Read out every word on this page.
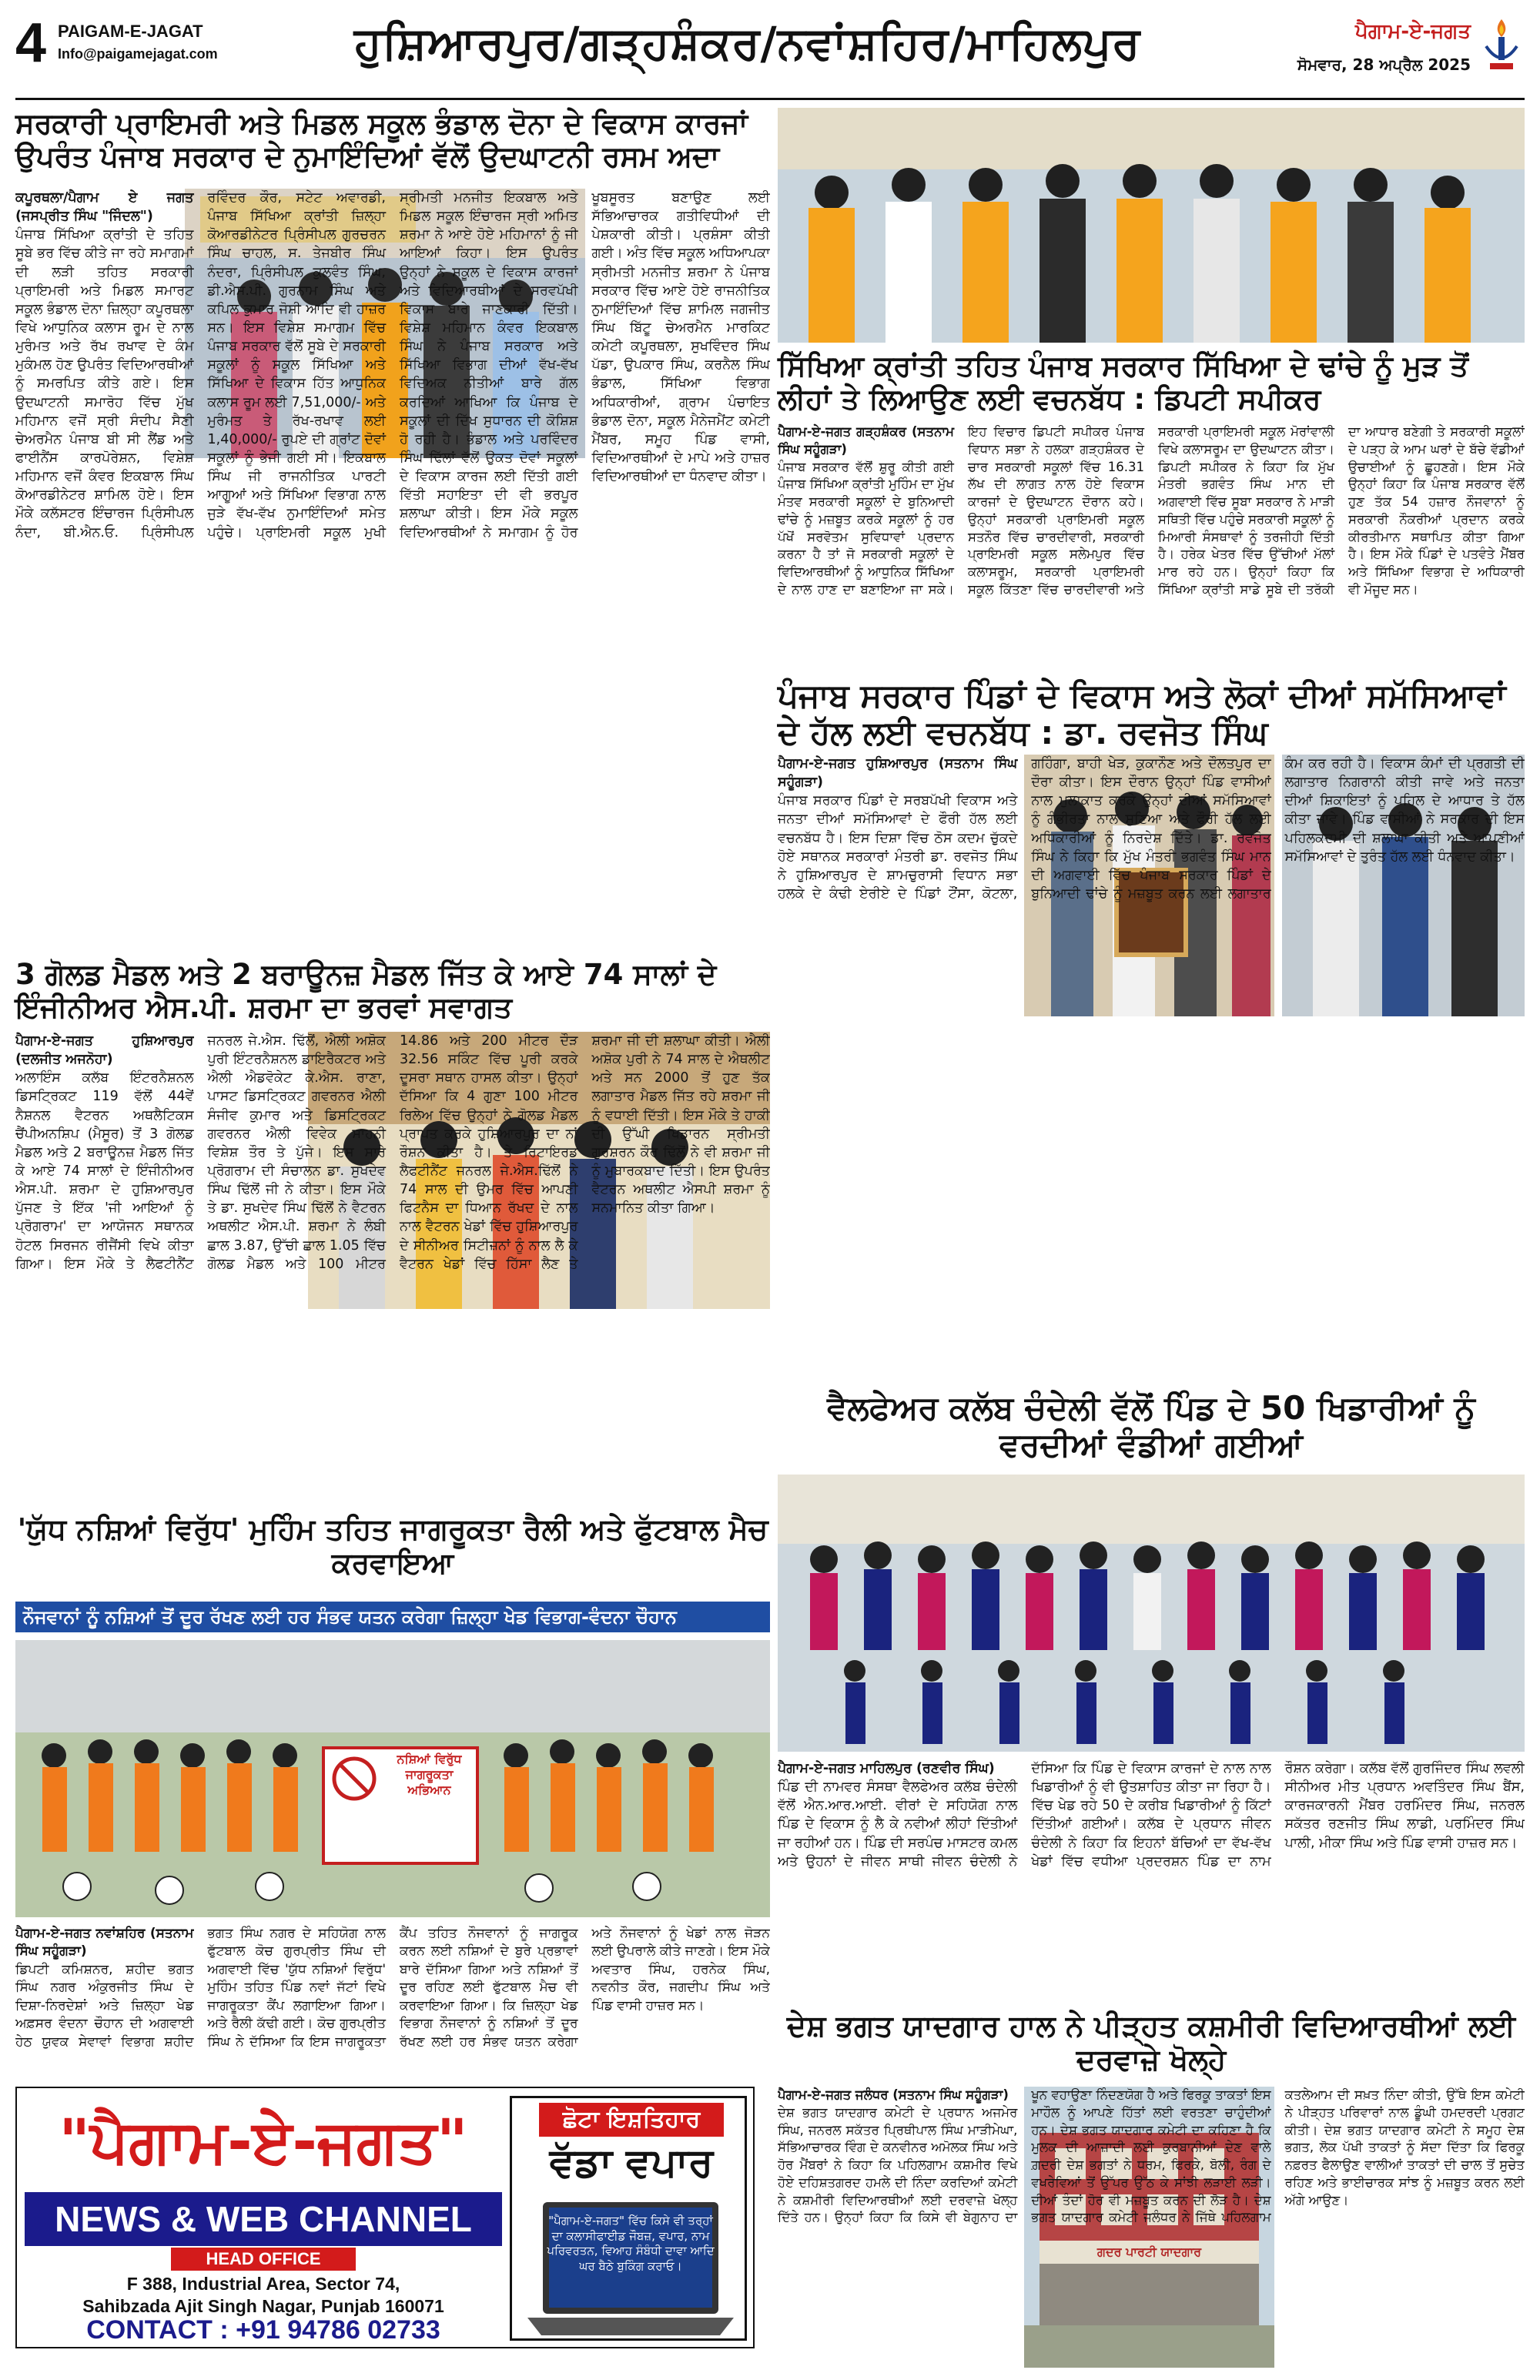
4 PAIGAM-E-JAGAT
Info@paigamejagat.com	ਹੁਸ਼ਿਆਰਪੁਰ/ਗੜ੍ਹਸ਼ੰਕਰ/ਨਵਾਂਸ਼ਹਿਰ/ਮਾਹਿਲਪੁਰ	ਪੈਗਾਮ-ਏ-ਜਗਤ
ਸੋਮਵਾਰ, 28 ਅਪ੍ਰੈਲ 2025
ਸਰਕਾਰੀ ਪ੍ਰਾਇਮਰੀ ਅਤੇ ਮਿਡਲ ਸਕੂਲ ਭੰਡਾਲ ਦੋਨਾ ਦੇ ਵਿਕਾਸ ਕਾਰਜਾਂ ਉਪਰੰਤ ਪੰਜਾਬ ਸਰਕਾਰ ਦੇ ਨੁਮਾਇੰਦਿਆਂ ਵੱਲੋਂ ਉਦਘਾਟਨੀ ਰਸਮ ਅਦਾ
ਕਪੂਰਥਲਾ/ਪੈਗਾਮ ਏ ਜਗਤ (ਜਸਪ੍ਰੀਤ ਸਿੰਘ "ਜਿੰਦਲ")
ਪੰਜਾਬ ਸਿੱਖਿਆ ਕ੍ਰਾਂਤੀ ਦੇ ਤਹਿਤ ਸੂਬੇ ਭਰ ਵਿੱਚ ਕੀਤੇ ਜਾ ਰਹੇ ਸਮਾਗਮਾਂ ਦੀ ਲੜੀ ਤਹਿਤ ਸਰਕਾਰੀ ਪ੍ਰਾਇਮਰੀ ਅਤੇ ਮਿਡਲ ਸਮਾਰਟ ਸਕੂਲ ਭੰਡਾਲ ਦੋਨਾ ਜ਼ਿਲ੍ਹਾ ਕਪੂਰਥਲਾ ਵਿਖੇ ਆਧੁਨਿਕ ਕਲਾਸ ਰੂਮ ਦੇ ਨਾਲ ਮੁਰੰਮਤ ਅਤੇ ਰੱਖ ਰਖਾਵ ਦੇ ਕੰਮ ਮੁਕੰਮਲ ਹੋਣ ਉਪਰੰਤ ਵਿਦਿਆਰਥੀਆਂ ਨੂੰ ਸਮਰਪਿਤ ਕੀਤੇ ਗਏ। ਇਸ ਉਦਘਾਟਨੀ ਸਮਾਰੋਹ ਵਿੱਚ ਮੁੱਖ ਮਹਿਮਾਨ ਵਜੋਂ ਸ੍ਰੀ ਸੰਦੀਪ ਸੈਣੀ ਚੇਅਰਮੈਨ ਪੰਜਾਬ ਬੀ ਸੀ ਲੈਂਡ ਅਤੇ ਫਾਈਨੈਂਸ ਕਾਰਪੋਰੇਸ਼ਨ, ਵਿਸ਼ੇਸ਼ ਮਹਿਮਾਨ ਵਜੋਂ ਕੰਵਰ ਇਕਬਾਲ ਸਿੰਘ ਕੋਆਰਡੀਨੇਟਰ ਸ਼ਾਮਿਲ ਹੋਏ। ਇਸ ਮੌਕੇ ਕਲੱਸਟਰ ਇੰਚਾਰਜ ਪ੍ਰਿੰਸੀਪਲ ਨੰਦਾ, ਬੀ.ਐਨ.ਓ. ਪ੍ਰਿੰਸੀਪਲ ਰਵਿੰਦਰ ਕੌਰ, ਸਟੇਟ ਅਵਾਰਡੀ, ਪੰਜਾਬ ਸਿੱਖਿਆ ਕ੍ਰਾਂਤੀ ਜ਼ਿਲ੍ਹਾ ਕੋਆਰਡੀਨੇਟਰ ਪ੍ਰਿੰਸੀਪਲ ਗੁਰਚਰਨ ਸਿੰਘ ਚਾਹਲ, ਸ. ਤੇਜਬੀਰ ਸਿੰਘ ਨੰਦਰਾ, ਪ੍ਰਿੰਸੀਪਲ ਕੁਲਵੰਤ ਸਿੰਘ, ਡੀ.ਐਸ.ਪੀ. ਗੁਰਨਾਮ ਸਿੰਘ ਅਤੇ ਕਪਿਲ ਕੁਮਾਰ ਜੋਸ਼ੀ ਆਦਿ ਵੀ ਹਾਜ਼ਰ ਸਨ। ਇਸ ਵਿਸ਼ੇਸ਼ ਸਮਾਗਮ ਵਿੱਚ ਪੰਜਾਬ ਸਰਕਾਰ ਵੱਲੋਂ ਸੂਬੇ ਦੇ ਸਰਕਾਰੀ ਸਕੂਲਾਂ ਨੂੰ ਸਕੂਲ ਸਿੱਖਿਆ ਅਤੇ ਸਿੱਖਿਆ ਦੇ ਵਿਕਾਸ ਹਿੱਤ ਆਧੁਨਿਕ ਕਲਾਸ ਰੂਮ ਲਈ 7,51,000/- ਅਤੇ ਮੁਰੰਮਤ ਤੇ ਰੱਖ-ਰਖਾਵ ਲਈ 1,40,000/- ਰੁਪਏ ਦੀ ਗ੍ਰਾਂਟ ਦੋਵਾਂ ਸਕੂਲਾਂ ਨੂੰ ਭੇਜੀ ਗਈ ਸੀ। ਇਕਬਾਲ ਸਿੰਘ ਜੀ ਰਾਜਨੀਤਿਕ ਪਾਰਟੀ ਆਗੂਆਂ ਅਤੇ ਸਿੱਖਿਆ ਵਿਭਾਗ ਨਾਲ ਜੁੜੇ ਵੱਖ-ਵੱਖ ਨੁਮਾਇੰਦਿਆਂ ਸਮੇਤ ਪਹੁੰਚੇ। ਪ੍ਰਾਇਮਰੀ ਸਕੂਲ ਮੁਖੀ ਸ੍ਰੀਮਤੀ ਮਨਜੀਤ ਇਕਬਾਲ ਅਤੇ ਮਿਡਲ ਸਕੂਲ ਇੰਚਾਰਜ ਸ੍ਰੀ ਅਮਿਤ ਸ਼ਰਮਾ ਨੇ ਆਏ ਹੋਏ ਮਹਿਮਾਨਾਂ ਨੂੰ ਜੀ ਆਇਆਂ ਕਿਹਾ। ਇਸ ਉਪਰੰਤ ਉਨ੍ਹਾਂ ਨੇ ਸਕੂਲ ਦੇ ਵਿਕਾਸ ਕਾਰਜਾਂ ਅਤੇ ਵਿਦਿਆਰਥੀਆਂ ਦੇ ਸਰਵਪੱਖੀ ਵਿਕਾਸ ਬਾਰੇ ਜਾਣਕਾਰੀ ਦਿੱਤੀ। ਵਿਸ਼ੇਸ਼ ਮਹਿਮਾਨ ਕੰਵਰ ਇਕਬਾਲ ਸਿੰਘ ਨੇ ਪੰਜਾਬ ਸਰਕਾਰ ਅਤੇ ਸਿੱਖਿਆ ਵਿਭਾਗ ਦੀਆਂ ਵੱਖ-ਵੱਖ ਵਿਦਿਅਕ ਨੀਤੀਆਂ ਬਾਰੇ ਗੱਲ ਕਰਦਿਆਂ ਆਖਿਆ ਕਿ ਪੰਜਾਬ ਦੇ ਸਕੂਲਾਂ ਦੀ ਦਿੱਖ ਸੁਧਾਰਨ ਦੀ ਕੋਸ਼ਿਸ਼ ਹੋ ਰਹੀ ਹੈ। ਭੰਡਾਲ ਅਤੇ ਪਰਵਿੰਦਰ ਸਿੰਘ ਢਿੱਲਾਂ ਵੱਲੋਂ ਉਕਤ ਦੋਵਾਂ ਸਕੂਲਾਂ ਦੇ ਵਿਕਾਸ ਕਾਰਜ ਲਈ ਦਿੱਤੀ ਗਈ ਵਿੱਤੀ ਸਹਾਇਤਾ ਦੀ ਵੀ ਭਰਪੂਰ ਸ਼ਲਾਘਾ ਕੀਤੀ। ਇਸ ਮੌਕੇ ਸਕੂਲ ਵਿਦਿਆਰਥੀਆਂ ਨੇ ਸਮਾਗਮ ਨੂੰ ਹੋਰ ਖੂਬਸੂਰਤ ਬਣਾਉਣ ਲਈ ਸੱਭਿਆਚਾਰਕ ਗਤੀਵਿਧੀਆਂ ਦੀ ਪੇਸ਼ਕਾਰੀ ਕੀਤੀ। ਪ੍ਰਸ਼ੰਸਾ ਕੀਤੀ ਗਈ। ਅੰਤ ਵਿੱਚ ਸਕੂਲ ਅਧਿਆਪਕਾ ਸ੍ਰੀਮਤੀ ਮਨਜੀਤ ਸ਼ਰਮਾ ਨੇ ਪੰਜਾਬ ਸਰਕਾਰ ਵਿੱਚ ਆਏ ਹੋਏ ਰਾਜਨੀਤਿਕ ਨੁਮਾਇੰਦਿਆਂ ਵਿੱਚ ਸ਼ਾਮਿਲ ਜਗਜੀਤ ਸਿੰਘ ਬਿੱਟੂ ਚੇਅਰਮੈਨ ਮਾਰਕਿਟ ਕਮੇਟੀ ਕਪੂਰਥਲਾ, ਸੁਖਵਿੰਦਰ ਸਿੰਘ ਪੱਡਾ, ਉਪਕਾਰ ਸਿੰਘ, ਕਰਨੈਲ ਸਿੰਘ ਭੰਡਾਲ, ਸਿੱਖਿਆ ਵਿਭਾਗ ਅਧਿਕਾਰੀਆਂ, ਗ੍ਰਾਮ ਪੰਚਾਇਤ ਭੰਡਾਲ ਦੋਨਾ, ਸਕੂਲ ਮੈਨੇਜਮੈਂਟ ਕਮੇਟੀ ਮੈਂਬਰ, ਸਮੂਹ ਪਿੰਡ ਵਾਸੀ, ਵਿਦਿਆਰਥੀਆਂ ਦੇ ਮਾਪੇ ਅਤੇ ਹਾਜ਼ਰ ਵਿਦਿਆਰਥੀਆਂ ਦਾ ਧੰਨਵਾਦ ਕੀਤਾ।
ਸਿੱਖਿਆ ਕ੍ਰਾਂਤੀ ਤਹਿਤ ਪੰਜਾਬ ਸਰਕਾਰ ਸਿੱਖਿਆ ਦੇ ਢਾਂਚੇ ਨੂੰ ਮੁੜ ਤੋਂ ਲੀਹਾਂ ਤੇ ਲਿਆਉਣ ਲਈ ਵਚਨਬੱਧ : ਡਿਪਟੀ ਸਪੀਕਰ
ਪੈਗਾਮ-ਏ-ਜਗਤ ਗੜ੍ਹਸ਼ੰਕਰ (ਸਤਨਾਮ ਸਿੰਘ ਸਹੂੰਗੜਾ)
ਪੰਜਾਬ ਸਰਕਾਰ ਵੱਲੋਂ ਸ਼ੁਰੂ ਕੀਤੀ ਗਈ ਪੰਜਾਬ ਸਿੱਖਿਆ ਕ੍ਰਾਂਤੀ ਮੁਹਿੰਮ ਦਾ ਮੁੱਖ ਮੰਤਵ ਸਰਕਾਰੀ ਸਕੂਲਾਂ ਦੇ ਬੁਨਿਆਦੀ ਢਾਂਚੇ ਨੂੰ ਮਜ਼ਬੂਤ ਕਰਕੇ ਸਕੂਲਾਂ ਨੂੰ ਹਰ ਪੱਖੋਂ ਸਰਵੋਤਮ ਸੁਵਿਧਾਵਾਂ ਪ੍ਰਦਾਨ ਕਰਨਾ ਹੈ ਤਾਂ ਜੋ ਸਰਕਾਰੀ ਸਕੂਲਾਂ ਦੇ ਵਿਦਿਆਰਥੀਆਂ ਨੂੰ ਆਧੁਨਿਕ ਸਿੱਖਿਆ ਦੇ ਨਾਲ ਹਾਣ ਦਾ ਬਣਾਇਆ ਜਾ ਸਕੇ। ਇਹ ਵਿਚਾਰ ਡਿਪਟੀ ਸਪੀਕਰ ਪੰਜਾਬ ਵਿਧਾਨ ਸਭਾ ਨੇ ਹਲਕਾ ਗੜ੍ਹਸ਼ੰਕਰ ਦੇ ਚਾਰ ਸਰਕਾਰੀ ਸਕੂਲਾਂ ਵਿੱਚ 16.31 ਲੱਖ ਦੀ ਲਾਗਤ ਨਾਲ ਹੋਏ ਵਿਕਾਸ ਕਾਰਜਾਂ ਦੇ ਉਦਘਾਟਨ ਦੌਰਾਨ ਕਹੇ। ਉਨ੍ਹਾਂ ਸਰਕਾਰੀ ਪ੍ਰਾਇਮਰੀ ਸਕੂਲ ਸਤਨੌਰ ਵਿੱਚ ਚਾਰਦੀਵਾਰੀ, ਸਰਕਾਰੀ ਪ੍ਰਾਇਮਰੀ ਸਕੂਲ ਸਲੇਮਪੁਰ ਵਿੱਚ ਕਲਾਸਰੂਮ, ਸਰਕਾਰੀ ਪ੍ਰਾਇਮਰੀ ਸਕੂਲ ਕਿੱਤਣਾ ਵਿੱਚ ਚਾਰਦੀਵਾਰੀ ਅਤੇ ਸਰਕਾਰੀ ਪ੍ਰਾਇਮਰੀ ਸਕੂਲ ਮੋਰਾਂਵਾਲੀ ਵਿਖੇ ਕਲਾਸਰੂਮ ਦਾ ਉਦਘਾਟਨ ਕੀਤਾ। ਡਿਪਟੀ ਸਪੀਕਰ ਨੇ ਕਿਹਾ ਕਿ ਮੁੱਖ ਮੰਤਰੀ ਭਗਵੰਤ ਸਿੰਘ ਮਾਨ ਦੀ ਅਗਵਾਈ ਵਿੱਚ ਸੂਬਾ ਸਰਕਾਰ ਨੇ ਮਾੜੀ ਸਥਿਤੀ ਵਿੱਚ ਪਹੁੰਚੇ ਸਰਕਾਰੀ ਸਕੂਲਾਂ ਨੂੰ ਮਿਆਰੀ ਸੰਸਥਾਵਾਂ ਨੂੰ ਤਰਜੀਹੀ ਦਿੱਤੀ ਹੈ। ਹਰੇਕ ਖੇਤਰ ਵਿੱਚ ਉੱਚੀਆਂ ਮੱਲਾਂ ਮਾਰ ਰਹੇ ਹਨ। ਉਨ੍ਹਾਂ ਕਿਹਾ ਕਿ ਸਿੱਖਿਆ ਕ੍ਰਾਂਤੀ ਸਾਡੇ ਸੂਬੇ ਦੀ ਤਰੱਕੀ ਦਾ ਆਧਾਰ ਬਣੇਗੀ ਤੇ ਸਰਕਾਰੀ ਸਕੂਲਾਂ ਦੇ ਪੜ੍ਹ ਕੇ ਆਮ ਘਰਾਂ ਦੇ ਬੱਚੇ ਵੱਡੀਆਂ ਉਚਾਈਆਂ ਨੂੰ ਛੂਹਣਗੇ। ਇਸ ਮੌਕੇ ਉਨ੍ਹਾਂ ਕਿਹਾ ਕਿ ਪੰਜਾਬ ਸਰਕਾਰ ਵੱਲੋਂ ਹੁਣ ਤੱਕ 54 ਹਜ਼ਾਰ ਨੌਜਵਾਨਾਂ ਨੂੰ ਸਰਕਾਰੀ ਨੌਕਰੀਆਂ ਪ੍ਰਦਾਨ ਕਰਕੇ ਕੀਰਤੀਮਾਨ ਸਥਾਪਿਤ ਕੀਤਾ ਗਿਆ ਹੈ। ਇਸ ਮੌਕੇ ਪਿੰਡਾਂ ਦੇ ਪਤਵੰਤੇ ਮੈਂਬਰ ਅਤੇ ਸਿੱਖਿਆ ਵਿਭਾਗ ਦੇ ਅਧਿਕਾਰੀ ਵੀ ਮੌਜੂਦ ਸਨ।
ਪੰਜਾਬ ਸਰਕਾਰ ਪਿੰਡਾਂ ਦੇ ਵਿਕਾਸ ਅਤੇ ਲੋਕਾਂ ਦੀਆਂ ਸਮੱਸਿਆਵਾਂ ਦੇ ਹੱਲ ਲਈ ਵਚਨਬੱਧ : ਡਾ. ਰਵਜੋਤ ਸਿੰਘ
ਪੈਗਾਮ-ਏ-ਜਗਤ ਹੁਸ਼ਿਆਰਪੁਰ (ਸਤਨਾਮ ਸਿੰਘ ਸਹੂੰਗੜਾ)
ਪੰਜਾਬ ਸਰਕਾਰ ਪਿੰਡਾਂ ਦੇ ਸਰਬਪੱਖੀ ਵਿਕਾਸ ਅਤੇ ਜਨਤਾ ਦੀਆਂ ਸਮੱਸਿਆਵਾਂ ਦੇ ਫੌਰੀ ਹੱਲ ਲਈ ਵਚਨਬੱਧ ਹੈ। ਇਸ ਦਿਸ਼ਾ ਵਿੱਚ ਠੋਸ ਕਦਮ ਚੁੱਕਦੇ ਹੋਏ ਸਥਾਨਕ ਸਰਕਾਰਾਂ ਮੰਤਰੀ ਡਾ. ਰਵਜੋਤ ਸਿੰਘ ਨੇ ਹੁਸ਼ਿਆਰਪੁਰ ਦੇ ਸ਼ਾਮਚੁਰਾਸੀ ਵਿਧਾਨ ਸਭਾ ਹਲਕੇ ਦੇ ਕੰਢੀ ਏਰੀਏ ਦੇ ਪਿੰਡਾਂ ਟੌਂਸਾ, ਕੋਟਲਾ, ਗਹਿੰਗਾ, ਬਾਹੀ ਖੇੜ, ਕੁਕਾਨੌਣ ਅਤੇ ਦੌਲਤਪੁਰ ਦਾ ਦੌਰਾ ਕੀਤਾ। ਇਸ ਦੌਰਾਨ ਉਨ੍ਹਾਂ ਪਿੰਡ ਵਾਸੀਆਂ ਨਾਲ ਮੁਲਾਕਾਤ ਕਰਕੇ ਉਨ੍ਹਾਂ ਦੀਆਂ ਸਮੱਸਿਆਵਾਂ ਨੂੰ ਗੰਭੀਰਤਾ ਨਾਲ ਸੁਣਿਆ ਅਤੇ ਫੌਰੀ ਹੱਲ ਲਈ ਅਧਿਕਾਰੀਆਂ ਨੂੰ ਨਿਰਦੇਸ਼ ਦਿੱਤੇ। ਡਾ. ਰਵਜੋਤ ਸਿੰਘ ਨੇ ਕਿਹਾ ਕਿ ਮੁੱਖ ਮੰਤਰੀ ਭਗਵੰਤ ਸਿੰਘ ਮਾਨ ਦੀ ਅਗਵਾਈ ਵਿੱਚ ਪੰਜਾਬ ਸਰਕਾਰ ਪਿੰਡਾਂ ਦੇ ਬੁਨਿਆਦੀ ਢਾਂਚੇ ਨੂੰ ਮਜ਼ਬੂਤ ਕਰਨ ਲਈ ਲਗਾਤਾਰ ਕੰਮ ਕਰ ਰਹੀ ਹੈ। ਵਿਕਾਸ ਕੰਮਾਂ ਦੀ ਪ੍ਰਗਤੀ ਦੀ ਲਗਾਤਾਰ ਨਿਗਰਾਨੀ ਕੀਤੀ ਜਾਵੇ ਅਤੇ ਜਨਤਾ ਦੀਆਂ ਸ਼ਿਕਾਇਤਾਂ ਨੂੰ ਪਹਿਲ ਦੇ ਆਧਾਰ ਤੇ ਹੱਲ ਕੀਤਾ ਜਾਵੇ। ਪਿੰਡ ਵਾਸੀਆਂ ਨੇ ਸਰਕਾਰ ਦੀ ਇਸ ਪਹਿਲਕਦਮੀ ਦੀ ਸ਼ਲਾਘਾ ਕੀਤੀ ਅਤੇ ਆਪਣੀਆਂ ਸਮੱਸਿਆਵਾਂ ਦੇ ਤੁਰੰਤ ਹੱਲ ਲਈ ਧੰਨਵਾਦ ਕੀਤਾ।
3 ਗੋਲਡ ਮੈਡਲ ਅਤੇ 2 ਬਰਾਊਨਜ਼ ਮੈਡਲ ਜਿੱਤ ਕੇ ਆਏ 74 ਸਾਲਾਂ ਦੇ ਇੰਜੀਨੀਅਰ ਐਸ.ਪੀ. ਸ਼ਰਮਾ ਦਾ ਭਰਵਾਂ ਸਵਾਗਤ
ਪੈਗਾਮ-ਏ-ਜਗਤ ਹੁਸ਼ਿਆਰਪੁਰ (ਦਲਜੀਤ ਅਜਨੋਹਾ)
ਅਲਾਇੰਸ ਕਲੱਬ ਇੰਟਰਨੈਸ਼ਨਲ ਡਿਸਟ੍ਰਿਕਟ 119 ਵੱਲੋਂ 44ਵੇਂ ਨੈਸ਼ਨਲ ਵੈਟਰਨ ਅਥਲੈਟਿਕਸ ਚੈਂਪੀਅਨਸ਼ਿਪ (ਮੈਸੂਰ) ਤੋਂ 3 ਗੋਲਡ ਮੈਡਲ ਅਤੇ 2 ਬਰਾਊਨਜ਼ ਮੈਡਲ ਜਿੱਤ ਕੇ ਆਏ 74 ਸਾਲਾਂ ਦੇ ਇੰਜੀਨੀਅਰ ਐਸ.ਪੀ. ਸ਼ਰਮਾ ਦੇ ਹੁਸ਼ਿਆਰਪੁਰ ਪੁੱਜਣ ਤੇ ਇੱਕ 'ਜੀ ਆਇਆਂ ਨੂੰ ਪ੍ਰੋਗਰਾਮ' ਦਾ ਆਯੋਜਨ ਸਥਾਨਕ ਹੋਟਲ ਸਿਰਜਨ ਰੀਜੈਂਸੀ ਵਿਖੇ ਕੀਤਾ ਗਿਆ। ਇਸ ਮੌਕੇ ਤੇ ਲੈਫਟੀਨੈਂਟ ਜਨਰਲ ਜੇ.ਐਸ. ਢਿੱਲੋਂ, ਐਲੀ ਅਸ਼ੋਕ ਪੁਰੀ ਇੰਟਰਨੈਸ਼ਨਲ ਡਾਇਰੈਕਟਰ ਅਤੇ ਐਲੀ ਐਡਵੋਕੇਟ ਕੇ.ਐਸ. ਰਾਣਾ, ਪਾਸਟ ਡਿਸਟ੍ਰਿਕਟ ਗਵਰਨਰ ਐਲੀ ਸੰਜੀਵ ਕੁਮਾਰ ਅਤੇ ਡਿਸਟ੍ਰਿਕਟ ਗਵਰਨਰ ਐਲੀ ਵਿਵੇਕ ਸਾਹਨੀ ਵਿਸ਼ੇਸ਼ ਤੌਰ ਤੇ ਪੁੱਜੇ। ਇਸ ਸਾਰੇ ਪ੍ਰੋਗਰਾਮ ਦੀ ਸੰਚਾਲਨ ਡਾ. ਸੁਖਦੇਵ ਸਿੰਘ ਢਿੱਲੋਂ ਜੀ ਨੇ ਕੀਤਾ। ਇਸ ਮੌਕੇ ਤੇ ਡਾ. ਸੁਖਦੇਵ ਸਿੰਘ ਢਿੱਲੋਂ ਨੇ ਵੈਟਰਨ ਅਥਲੀਟ ਐਸ.ਪੀ. ਸ਼ਰਮਾ ਨੇ ਲੰਬੀ ਛਾਲ 3.87, ਉੱਚੀ ਛਾਲ 1.05 ਵਿੱਚ ਗੋਲਡ ਮੈਡਲ ਅਤੇ 100 ਮੀਟਰ 14.86 ਅਤੇ 200 ਮੀਟਰ ਦੌੜ 32.56 ਸਕਿੰਟ ਵਿੱਚ ਪੂਰੀ ਕਰਕੇ ਦੂਸਰਾ ਸਥਾਨ ਹਾਸਲ ਕੀਤਾ। ਉਨ੍ਹਾਂ ਦੱਸਿਆ ਕਿ 4 ਗੁਣਾ 100 ਮੀਟਰ ਰਿਲੇਅ ਵਿੱਚ ਉਨ੍ਹਾਂ ਨੇ ਗੋਲਡ ਮੈਡਲ ਪ੍ਰਾਪਤ ਕਰਕੇ ਹੁਸ਼ਿਆਰਪੁਰ ਦਾ ਨਾਂ ਰੌਸ਼ਨ ਕੀਤਾ ਹੈ। ਤੇ ਰਿਟਾਇਰਡ ਲੈਫਟੀਨੈਂਟ ਜਨਰਲ ਜੇ.ਐਸ.ਢਿੱਲੋਂ ਨੇ 74 ਸਾਲ ਦੀ ਉਮਰ ਵਿੱਚ ਆਪਣੀ ਫਿਟਨੈਸ ਦਾ ਧਿਆਨ ਰੱਖਦ ਦੇ ਨਾਲ ਨਾਲ ਵੈਟਰਨ ਖੇਡਾਂ ਵਿੱਚ ਹੁਸ਼ਿਆਰਪੁਰ ਦੇ ਸੀਨੀਅਰ ਸਿਟੀਜ਼ਨਾਂ ਨੂੰ ਨਾਲ ਲੈ ਕੇ ਵੈਟਰਨ ਖੇਡਾਂ ਵਿੱਚ ਹਿੱਸਾ ਲੈਣ ਤੇ ਸ਼ਰਮਾ ਜੀ ਦੀ ਸ਼ਲਾਘਾ ਕੀਤੀ। ਐਲੀ ਅਸ਼ੋਕ ਪੁਰੀ ਨੇ 74 ਸਾਲ ਦੇ ਐਥਲੀਟ ਅਤੇ ਸਨ 2000 ਤੋਂ ਹੁਣ ਤੱਕ ਲਗਾਤਾਰ ਮੈਡਲ ਜਿੱਤ ਰਹੇ ਸ਼ਰਮਾ ਜੀ ਨੂੰ ਵਧਾਈ ਦਿੱਤੀ। ਇਸ ਮੌਕੇ ਤੇ ਹਾਕੀ ਦੀ ਉੱਘੀ ਖਿਡਾਰਨ ਸ੍ਰੀਮਤੀ ਗੁਰਸ਼ਰਨ ਕੌਰ ਢਿੱਲੋਂ ਨੇ ਵੀ ਸ਼ਰਮਾ ਜੀ ਨੂੰ ਮੁਬਾਰਕਬਾਦ ਦਿੱਤੀ। ਇਸ ਉਪਰੰਤ ਵੈਟਰਨ ਅਥਲੀਟ ਐਸਪੀ ਸ਼ਰਮਾ ਨੂੰ ਸਨਮਾਨਿਤ ਕੀਤਾ ਗਿਆ।
'ਯੁੱਧ ਨਸ਼ਿਆਂ ਵਿਰੁੱਧ' ਮੁਹਿੰਮ ਤਹਿਤ ਜਾਗਰੂਕਤਾ ਰੈਲੀ ਅਤੇ ਫੁੱਟਬਾਲ ਮੈਚ ਕਰਵਾਇਆ
ਨੌਜਵਾਨਾਂ ਨੂੰ ਨਸ਼ਿਆਂ ਤੋਂ ਦੂਰ ਰੱਖਣ ਲਈ ਹਰ ਸੰਭਵ ਯਤਨ ਕਰੇਗਾ ਜ਼ਿਲ੍ਹਾ ਖੇਡ ਵਿਭਾਗ-ਵੰਦਨਾ ਚੌਹਾਨ
ਨਸ਼ਿਆਂ ਵਿਰੁੱਧ ਜਾਗਰੂਕਤਾ ਅਭਿਆਨ
ਪੈਗਾਮ-ਏ-ਜਗਤ ਨਵਾਂਸ਼ਹਿਰ (ਸਤਨਾਮ ਸਿੰਘ ਸਹੂੰਗੜਾ)
ਡਿਪਟੀ ਕਮਿਸ਼ਨਰ, ਸ਼ਹੀਦ ਭਗਤ ਸਿੰਘ ਨਗਰ ਅੰਕੁਰਜੀਤ ਸਿੰਘ ਦੇ ਦਿਸ਼ਾ-ਨਿਰਦੇਸ਼ਾਂ ਅਤੇ ਜ਼ਿਲ੍ਹਾ ਖੇਡ ਅਫ਼ਸਰ ਵੰਦਨਾ ਚੌਹਾਨ ਦੀ ਅਗਵਾਈ ਹੇਠ ਯੁਵਕ ਸੇਵਾਵਾਂ ਵਿਭਾਗ ਸ਼ਹੀਦ ਭਗਤ ਸਿੰਘ ਨਗਰ ਦੇ ਸਹਿਯੋਗ ਨਾਲ ਫੁੱਟਬਾਲ ਕੋਚ ਗੁਰਪ੍ਰੀਤ ਸਿੰਘ ਦੀ ਅਗਵਾਈ ਵਿੱਚ 'ਯੁੱਧ ਨਸ਼ਿਆਂ ਵਿਰੁੱਧ' ਮੁਹਿੰਮ ਤਹਿਤ ਪਿੰਡ ਨਵਾਂ ਜੱਟਾਂ ਵਿਖੇ ਜਾਗਰੂਕਤਾ ਕੈਂਪ ਲਗਾਇਆ ਗਿਆ। ਅਤੇ ਰੈਲੀ ਕੱਢੀ ਗਈ। ਕੋਚ ਗੁਰਪ੍ਰੀਤ ਸਿੰਘ ਨੇ ਦੱਸਿਆ ਕਿ ਇਸ ਜਾਗਰੂਕਤਾ ਕੈਂਪ ਤਹਿਤ ਨੌਜਵਾਨਾਂ ਨੂੰ ਜਾਗਰੂਕ ਕਰਨ ਲਈ ਨਸ਼ਿਆਂ ਦੇ ਬੁਰੇ ਪ੍ਰਭਾਵਾਂ ਬਾਰੇ ਦੱਸਿਆ ਗਿਆ ਅਤੇ ਨਸ਼ਿਆਂ ਤੋਂ ਦੂਰ ਰਹਿਣ ਲਈ ਫੁੱਟਬਾਲ ਮੈਚ ਵੀ ਕਰਵਾਇਆ ਗਿਆ। ਕਿ ਜ਼ਿਲ੍ਹਾ ਖੇਡ ਵਿਭਾਗ ਨੌਜਵਾਨਾਂ ਨੂੰ ਨਸ਼ਿਆਂ ਤੋਂ ਦੂਰ ਰੱਖਣ ਲਈ ਹਰ ਸੰਭਵ ਯਤਨ ਕਰੇਗਾ ਅਤੇ ਨੌਜਵਾਨਾਂ ਨੂੰ ਖੇਡਾਂ ਨਾਲ ਜੋੜਨ ਲਈ ਉਪਰਾਲੇ ਕੀਤੇ ਜਾਣਗੇ। ਇਸ ਮੌਕੇ ਅਵਤਾਰ ਸਿੰਘ, ਹਰਨੇਕ ਸਿੰਘ, ਨਵਨੀਤ ਕੌਰ, ਜਗਦੀਪ ਸਿੰਘ ਅਤੇ ਪਿੰਡ ਵਾਸੀ ਹਾਜ਼ਰ ਸਨ।
ਵੈਲਫੇਅਰ ਕਲੱਬ ਚੰਦੇਲੀ ਵੱਲੋਂ ਪਿੰਡ ਦੇ 50 ਖਿਡਾਰੀਆਂ ਨੂੰ ਵਰਦੀਆਂ ਵੰਡੀਆਂ ਗਈਆਂ
ਪੈਗਾਮ-ਏ-ਜਗਤ ਮਾਹਿਲਪੁਰ (ਰਣਵੀਰ ਸਿੰਘ)
ਪਿੰਡ ਦੀ ਨਾਮਵਰ ਸੰਸਥਾ ਵੈਲਫੇਅਰ ਕਲੱਬ ਚੰਦੇਲੀ ਵੱਲੋਂ ਐਨ.ਆਰ.ਆਈ. ਵੀਰਾਂ ਦੇ ਸਹਿਯੋਗ ਨਾਲ ਪਿੰਡ ਦੇ ਵਿਕਾਸ ਨੂੰ ਲੈ ਕੇ ਨਵੀਆਂ ਲੀਹਾਂ ਦਿੱਤੀਆਂ ਜਾ ਰਹੀਆਂ ਹਨ। ਪਿੰਡ ਦੀ ਸਰਪੰਚ ਮਾਸਟਰ ਕਮਲ ਅਤੇ ਉਹਨਾਂ ਦੇ ਜੀਵਨ ਸਾਥੀ ਜੀਵਨ ਚੰਦੇਲੀ ਨੇ ਦੱਸਿਆ ਕਿ ਪਿੰਡ ਦੇ ਵਿਕਾਸ ਕਾਰਜਾਂ ਦੇ ਨਾਲ ਨਾਲ ਖਿਡਾਰੀਆਂ ਨੂੰ ਵੀ ਉਤਸ਼ਾਹਿਤ ਕੀਤਾ ਜਾ ਰਿਹਾ ਹੈ। ਵਿੱਚ ਖੇਡ ਰਹੇ 50 ਦੇ ਕਰੀਬ ਖਿਡਾਰੀਆਂ ਨੂੰ ਕਿੱਟਾਂ ਦਿੱਤੀਆਂ ਗਈਆਂ। ਕਲੱਬ ਦੇ ਪ੍ਰਧਾਨ ਜੀਵਨ ਚੰਦੇਲੀ ਨੇ ਕਿਹਾ ਕਿ ਇਹਨਾਂ ਬੱਚਿਆਂ ਦਾ ਵੱਖ-ਵੱਖ ਖੇਡਾਂ ਵਿੱਚ ਵਧੀਆ ਪ੍ਰਦਰਸ਼ਨ ਪਿੰਡ ਦਾ ਨਾਮ ਰੌਸ਼ਨ ਕਰੇਗਾ। ਕਲੱਬ ਵੱਲੋਂ ਗੁਰਜਿੰਦਰ ਸਿੰਘ ਲਵਲੀ ਸੀਨੀਅਰ ਮੀਤ ਪ੍ਰਧਾਨ ਅਵਤਿੰਦਰ ਸਿੰਘ ਬੈਂਸ, ਕਾਰਜਕਾਰਨੀ ਮੈਂਬਰ ਹਰਮਿੰਦਰ ਸਿੰਘ, ਜਨਰਲ ਸਕੱਤਰ ਰਣਜੀਤ ਸਿੰਘ ਲਾਡੀ, ਪਰਮਿੰਦਰ ਸਿੰਘ ਪਾਲੀ, ਮੀਕਾ ਸਿੰਘ ਅਤੇ ਪਿੰਡ ਵਾਸੀ ਹਾਜ਼ਰ ਸਨ।
ਦੇਸ਼ ਭਗਤ ਯਾਦਗਾਰ ਹਾਲ ਨੇ ਪੀੜ੍ਹਤ ਕਸ਼ਮੀਰੀ ਵਿਦਿਆਰਥੀਆਂ ਲਈ ਦਰਵਾਜ਼ੇ ਖੋਲ੍ਹੇ
ਗਦਰ ਪਾਰਟੀ ਯਾਦਗਾਰ
ਪੈਗਾਮ-ਏ-ਜਗਤ ਜਲੰਧਰ (ਸਤਨਾਮ ਸਿੰਘ ਸਹੂੰਗੜਾ)
ਦੇਸ਼ ਭਗਤ ਯਾਦਗਾਰ ਕਮੇਟੀ ਦੇ ਪ੍ਰਧਾਨ ਅਜਮੇਰ ਸਿੰਘ, ਜਨਰਲ ਸਕੱਤਰ ਪ੍ਰਿਥੀਪਾਲ ਸਿੰਘ ਮਾੜੀਮੇਘਾ, ਸੱਭਿਆਚਾਰਕ ਵਿੰਗ ਦੇ ਕਨਵੀਨਰ ਅਮੋਲਕ ਸਿੰਘ ਅਤੇ ਹੋਰ ਮੈਂਬਰਾਂ ਨੇ ਕਿਹਾ ਕਿ ਪਹਿਲਗਾਮ ਕਸ਼ਮੀਰ ਵਿਖੇ ਹੋਏ ਦਹਿਸ਼ਤਗਰਦ ਹਮਲੇ ਦੀ ਨਿੰਦਾ ਕਰਦਿਆਂ ਕਮੇਟੀ ਨੇ ਕਸ਼ਮੀਰੀ ਵਿਦਿਆਰਥੀਆਂ ਲਈ ਦਰਵਾਜ਼ੇ ਖੋਲ੍ਹ ਦਿੱਤੇ ਹਨ। ਉਨ੍ਹਾਂ ਕਿਹਾ ਕਿ ਕਿਸੇ ਵੀ ਬੇਗੁਨਾਹ ਦਾ ਖੂਨ ਵਹਾਉਣਾ ਨਿੰਦਣਯੋਗ ਹੈ ਅਤੇ ਫਿਰਕੂ ਤਾਕਤਾਂ ਇਸ ਮਾਹੌਲ ਨੂੰ ਆਪਣੇ ਹਿੱਤਾਂ ਲਈ ਵਰਤਣਾ ਚਾਹੁੰਦੀਆਂ ਹਨ। ਦੇਸ਼ ਭਗਤ ਯਾਦਗਾਰ ਕਮੇਟੀ ਦਾ ਕਹਿਣਾ ਹੈ ਕਿ ਮੁਲਕ ਦੀ ਆਜ਼ਾਦੀ ਲਈ ਕੁਰਬਾਨੀਆਂ ਦੇਣ ਵਾਲੇ ਗ਼ਦਰੀ ਦੇਸ਼ ਭਗਤਾਂ ਨੇ ਧਰਮ, ਫਿਰਕੇ, ਬੋਲੀ, ਰੰਗ ਦੇ ਵਖਰੇਵਿਆਂ ਤੋਂ ਉੱਪਰ ਉੱਠ ਕੇ ਸਾਂਝੀ ਲੜਾਈ ਲੜੀ। ਦੀਆਂ ਤੰਦਾਂ ਹੋਰ ਵੀ ਮਜ਼ਬੂਤ ਕਰਨ ਦੀ ਲੋੜ ਹੈ। ਦੇਸ਼ ਭਗਤ ਯਾਦਗਾਰ ਕਮੇਟੀ ਜਲੰਧਰ ਨੇ ਜਿੱਥੇ ਪਹਿਲਗਾਮ ਕਤਲੇਆਮ ਦੀ ਸਖ਼ਤ ਨਿੰਦਾ ਕੀਤੀ, ਉੱਥੇ ਇਸ ਕਮੇਟੀ ਨੇ ਪੀੜ੍ਹਤ ਪਰਿਵਾਰਾਂ ਨਾਲ ਡੂੰਘੀ ਹਮਦਰਦੀ ਪ੍ਰਗਟ ਕੀਤੀ। ਦੇਸ਼ ਭਗਤ ਯਾਦਗਾਰ ਕਮੇਟੀ ਨੇ ਸਮੂਹ ਦੇਸ਼ ਭਗਤ, ਲੋਕ ਪੱਖੀ ਤਾਕਤਾਂ ਨੂੰ ਸੱਦਾ ਦਿੱਤਾ ਕਿ ਫਿਰਕੂ ਨਫ਼ਰਤ ਫੈਲਾਉਣ ਵਾਲੀਆਂ ਤਾਕਤਾਂ ਦੀ ਚਾਲ ਤੋਂ ਸੁਚੇਤ ਰਹਿਣ ਅਤੇ ਭਾਈਚਾਰਕ ਸਾਂਝ ਨੂੰ ਮਜ਼ਬੂਤ ਕਰਨ ਲਈ ਅੱਗੇ ਆਉਣ।
"ਪੈਗਾਮ-ਏ-ਜਗਤ"
NEWS & WEB CHANNEL
HEAD OFFICE
F 388, Industrial Area, Sector 74,
Sahibzada Ajit Singh Nagar, Punjab 160071
CONTACT : +91 94786 02733
ਛੋਟਾ ਇਸ਼ਤਿਹਾਰ
ਵੱਡਾ ਵਪਾਰ
"ਪੈਗਾਮ-ਏ-ਜਗਤ" ਵਿੱਚ ਕਿਸੇ ਵੀ ਤਰ੍ਹਾਂ ਦਾ ਕਲਾਸੀਫਾਈਡ ਜੌਬਜ਼, ਵਪਾਰ, ਨਾਮ ਪਰਿਵਰਤਨ, ਵਿਆਹ ਸੰਬੰਧੀ ਦਾਵਾ ਆਦਿ ਘਰ ਬੈਠੇ ਬੁਕਿੰਗ ਕਰਾਓ।
